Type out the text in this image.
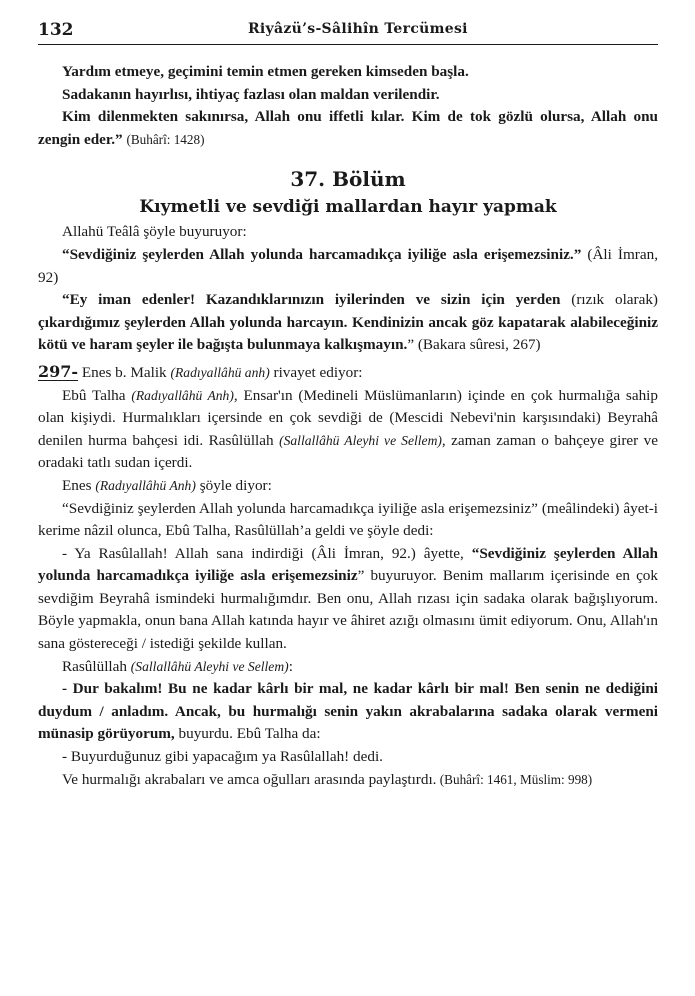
132	Riyâzü’s-Sâlihîn Tercümesi

Yardım etmeye, geçimini temin etmen gereken kimseden başla.

Sadakanın hayırlısı, ihtiyaç fazlası olan maldan verilendir.

Kim dilenmekten sakınırsa, Allah onu iffetli kılar. Kim de tok gözlü olursa, Allah onu zengin eder.” (Buhârî: 1428)

37. Bölüm
Kıymetli ve sevdiği mallardan hayır yapmak

Allahü Teâlâ şöyle buyuruyor:

“Sevdiğiniz şeylerden Allah yolunda harcamadıkça iyiliğe asla erişemezsiniz.” (Âli İmran, 92)

“Ey iman edenler! Kazandıklarınızın iyilerinden ve sizin için yerden (rızık olarak) çıkardığımız şeylerden Allah yolunda harcayın. Kendinizin ancak göz kapatarak alabileceğiniz kötü ve haram şeyler ile bağışta bulunmaya kalkışmayın.” (Bakara sûresi, 267)

297- Enes b. Malik (Radıyallâhü anh) rivayet ediyor:

Ebû Talha (Radıyallâhü Anh), Ensar'ın (Medineli Müslümanların) içinde en çok hurmalığa sahip olan kişiydi. Hurmalıkları içersinde en çok sevdiği de (Mescidi Nebevi'nin karşısındaki) Beyrahâ denilen hurma bahçesi idi. Rasûlüllah (Sallallâhü Aleyhi ve Sellem), zaman zaman o bahçeye girer ve oradaki tatlı sudan içerdi.

Enes (Radıyallâhü Anh) şöyle diyor:

“Sevdiğiniz şeylerden Allah yolunda harcamadıkça iyiliğe asla erişemezsiniz” (meâlindeki) âyet-i kerime nâzil olunca, Ebû Talha, Rasûlüllah’a geldi ve şöyle dedi:

- Ya Rasûlallah! Allah sana indirdiği (Âli İmran, 92.) âyette, “Sevdiğiniz şeylerden Allah yolunda harcamadıkça iyiliğe asla erişemezsiniz” buyuruyor. Benim mallarım içerisinde en çok sevdiğim Beyrahâ ismindeki hurmalığımdır. Ben onu, Allah rızası için sadaka olarak bağışlıyorum. Böyle yapmakla, onun bana Allah katında hayır ve âhiret azığı olmasını ümit ediyorum. Onu, Allah'ın sana göstereceği / istediği şekilde kullan.

Rasûlüllah (Sallallâhü Aleyhi ve Sellem):

- Dur bakalım! Bu ne kadar kârlı bir mal, ne kadar kârlı bir mal! Ben senin ne dediğini duydum / anladım. Ancak, bu hurmalığı senin yakın akrabalarına sadaka olarak vermeni münasip görüyorum, buyurdu. Ebû Talha da:

- Buyurduğunuz gibi yapacağım ya Rasûlallah! dedi.

Ve hurmalığı akrabaları ve amca oğulları arasında paylaştırdı. (Buhârî: 1461, Müslim: 998)
